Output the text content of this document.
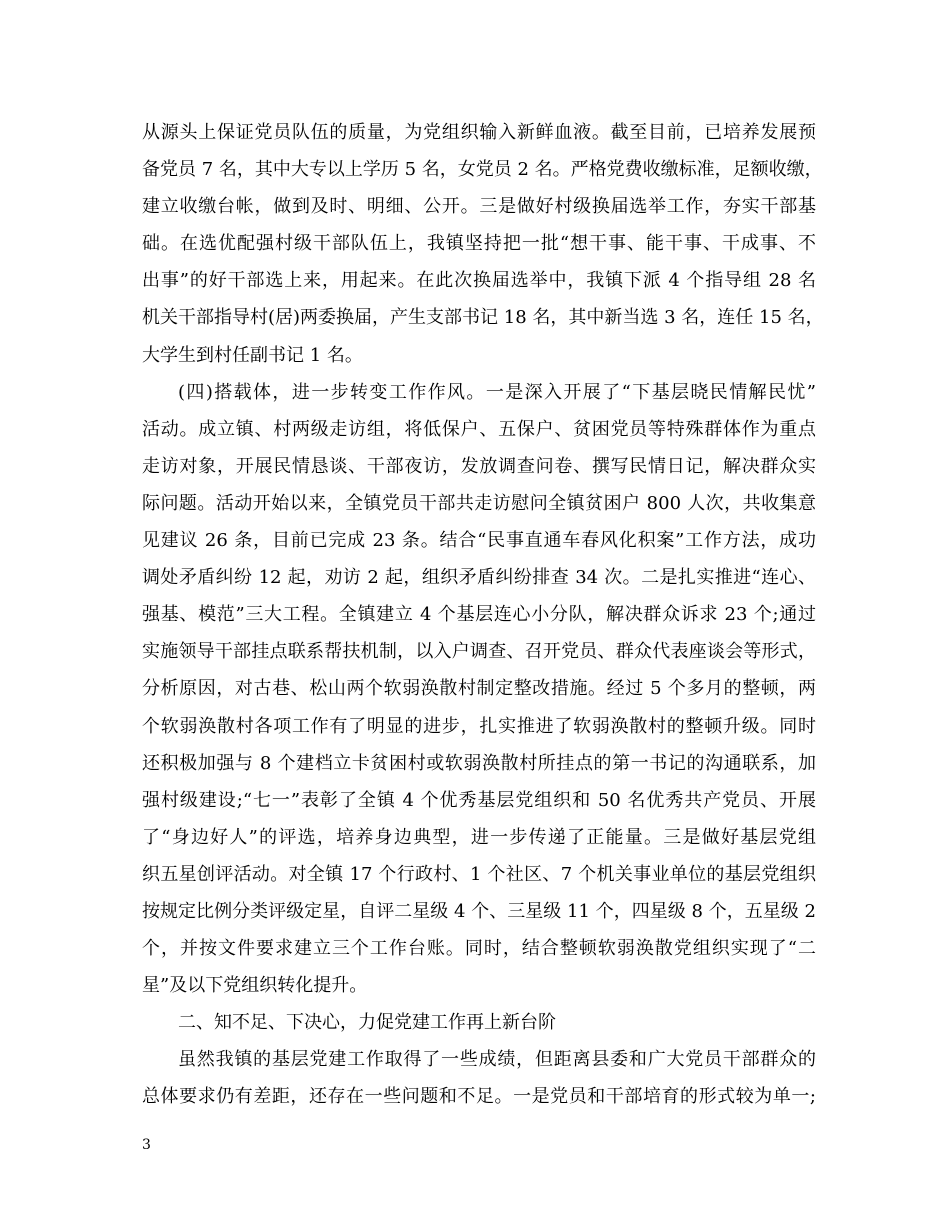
从源头上保证党员队伍的质量，为党组织输入新鲜血液。截至目前，已培养发展预
备党员 7 名，其中大专以上学历 5 名，女党员 2 名。严格党费收缴标准，足额收缴，
建立收缴台帐，做到及时、明细、公开。三是做好村级换届选举工作，夯实干部基
础。在选优配强村级干部队伍上，我镇坚持把一批“想干事、能干事、干成事、不
出事”的好干部选上来，用起来。在此次换届选举中，我镇下派 4 个指导组 28 名
机关干部指导村(居)两委换届，产生支部书记 18 名，其中新当选 3 名，连任 15 名，
大学生到村任副书记 1 名。
(四)搭载体，进一步转变工作作风。一是深入开展了“下基层晓民情解民忧”
活动。成立镇、村两级走访组，将低保户、五保户、贫困党员等特殊群体作为重点
走访对象，开展民情恳谈、干部夜访，发放调查问卷、撰写民情日记，解决群众实
际问题。活动开始以来，全镇党员干部共走访慰问全镇贫困户 800 人次，共收集意
见建议 26 条，目前已完成 23 条。结合“民事直通车春风化积案”工作方法，成功
调处矛盾纠纷 12 起，劝访 2 起，组织矛盾纠纷排查 34 次。二是扎实推进“连心、
强基、模范”三大工程。全镇建立 4 个基层连心小分队，解决群众诉求 23 个;通过
实施领导干部挂点联系帮扶机制，以入户调查、召开党员、群众代表座谈会等形式，
分析原因，对古巷、松山两个软弱涣散村制定整改措施。经过 5 个多月的整顿，两
个软弱涣散村各项工作有了明显的进步，扎实推进了软弱涣散村的整顿升级。同时
还积极加强与 8 个建档立卡贫困村或软弱涣散村所挂点的第一书记的沟通联系，加
强村级建设;“七一”表彰了全镇 4 个优秀基层党组织和 50 名优秀共产党员、开展
了“身边好人”的评选，培养身边典型，进一步传递了正能量。三是做好基层党组
织五星创评活动。对全镇 17 个行政村、1 个社区、7 个机关事业单位的基层党组织
按规定比例分类评级定星，自评二星级 4 个、三星级 11 个，四星级 8 个，五星级 2
个，并按文件要求建立三个工作台账。同时，结合整顿软弱涣散党组织实现了“二
星”及以下党组织转化提升。
二、知不足、下决心，力促党建工作再上新台阶
虽然我镇的基层党建工作取得了一些成绩，但距离县委和广大党员干部群众的
总体要求仍有差距，还存在一些问题和不足。一是党员和干部培育的形式较为单一;
3
